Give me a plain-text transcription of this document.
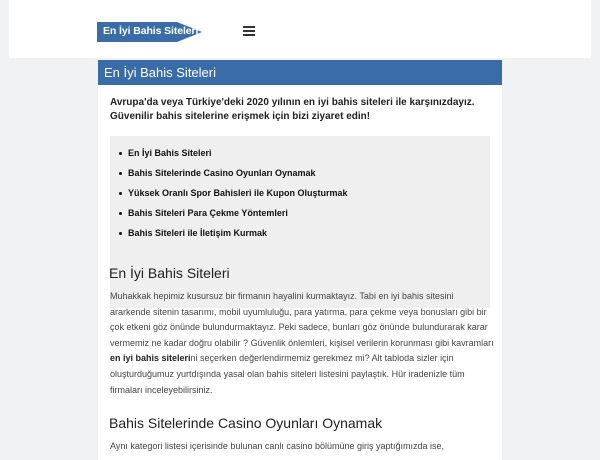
En İyi Bahis Siteleri
En İyi Bahis Siteleri

Avrupa'da veya Türkiye'deki 2020 yılının en iyi bahis siteleri ile karşınızdayız. Güvenilir bahis sitelerine erişmek için bizi ziyaret edin!

En İyi Bahis Siteleri
Bahis Sitelerinde Casino Oyunları Oynamak
Yüksek Oranlı Spor Bahisleri ile Kupon Oluşturmak
Bahis Siteleri Para Çekme Yöntemleri
Bahis Siteleri ile İletişim Kurmak
En İyi Bahis Siteleri

Muhakkak hepimiz kusursuz bir firmanın hayalini kurmaktayız. Tabi en iyi bahis sitesini ararkende sitenin tasarımı, mobil uyumluluğu, para yatırma, para çekme veya bonusları gibi bir çok etkeni göz önünde bulundurmaktayız. Peki sadece, bunları göz önünde bulundurarak karar vermemiz ne kadar doğru olabilir ? Güvenlik önlemleri, kişisel verilerin korunması gibi kavramları en iyi bahis sitelerini seçerken değerlendirmemiz gerekmez mi? Alt tabloda sizler için oluşturduğumuz yurtdışında yasal olan bahis siteleri listesini paylaştık. Hür iradenizle tüm firmaları inceleyebilirsiniz.

Bahis Sitelerinde Casino Oyunları Oynamak

Aynı kategori listesi içerisinde bulunan canlı casino bölümüne giriş yaptığımızda ise,
